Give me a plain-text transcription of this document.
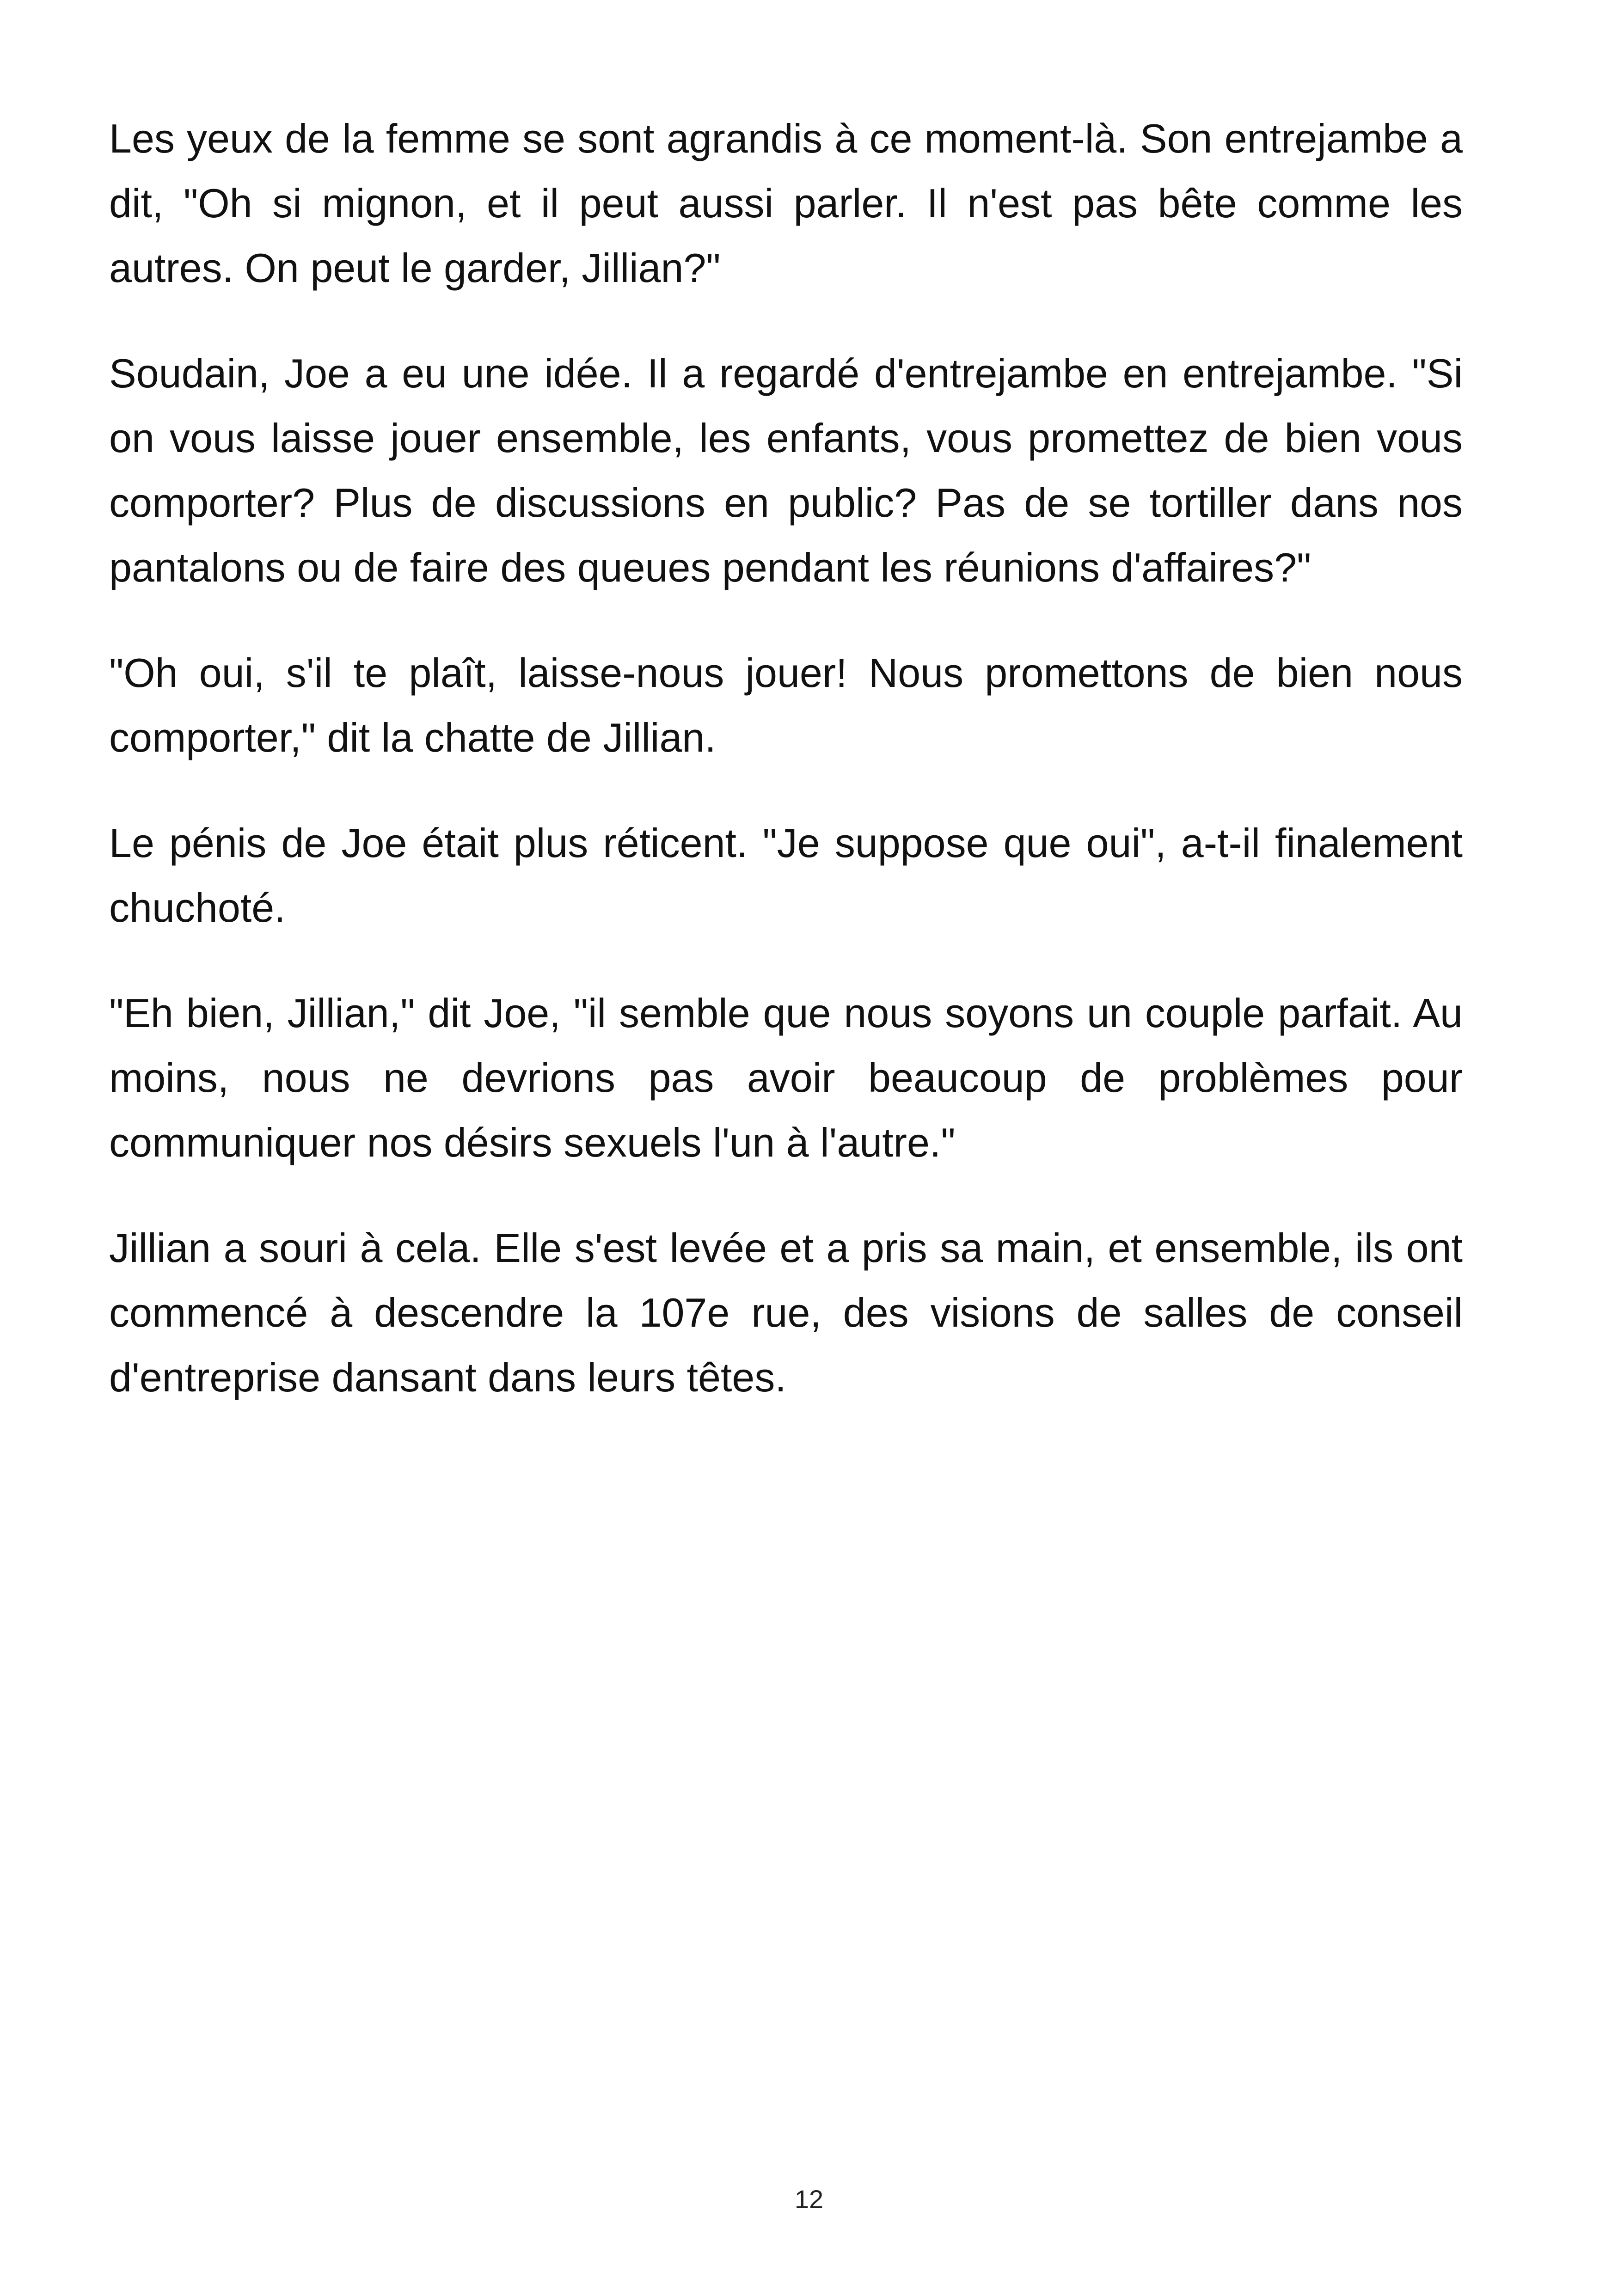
Les yeux de la femme se sont agrandis à ce moment-là. Son entrejambe a dit, "Oh si mignon, et il peut aussi parler. Il n'est pas bête comme les autres. On peut le garder, Jillian?"

Soudain, Joe a eu une idée. Il a regardé d'entrejambe en entrejambe. "Si on vous laisse jouer ensemble, les enfants, vous promettez de bien vous comporter? Plus de discussions en public? Pas de se tortiller dans nos pantalons ou de faire des queues pendant les réunions d'affaires?"

"Oh oui, s'il te plaît, laisse-nous jouer! Nous promettons de bien nous comporter," dit la chatte de Jillian.

Le pénis de Joe était plus réticent. "Je suppose que oui", a-t-il finalement chuchoté.

"Eh bien, Jillian," dit Joe, "il semble que nous soyons un couple parfait. Au moins, nous ne devrions pas avoir beaucoup de problèmes pour communiquer nos désirs sexuels l'un à l'autre."

Jillian a souri à cela. Elle s'est levée et a pris sa main, et ensemble, ils ont commencé à descendre la 107e rue, des visions de salles de conseil d'entreprise dansant dans leurs têtes.

12
